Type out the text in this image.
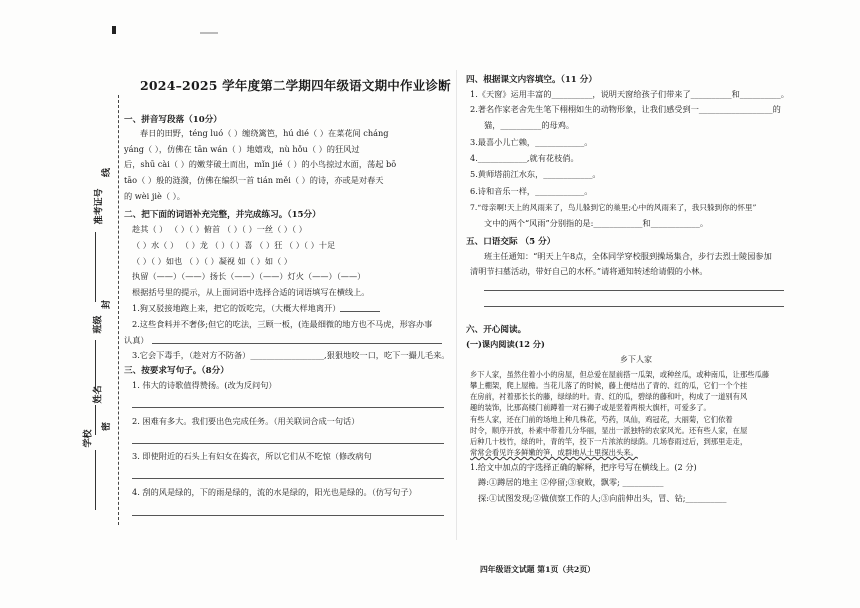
准考证号
线
班级
封
姓名
学校
密
2024–2025 学年度第二学期四年级语文期中作业诊断
一、拼音写段落（10分）
春日的田野，téng luó（ ）缠绕篱笆，hú dié（ ）在菜花间 cháng
yáng（ ），仿佛在 tān wán（ ）地嬉戏，nù hǒu（ ）的狂风过
后，shū cài（ ）的嫩芽破土而出，mǐn jié（ ）的小鸟掠过水面，荡起 bō
tāo（ ）般的涟漪，仿佛在编织一首 tián měi（ ）的诗，亦或是对春天
的 wèi jiè（ ）。
二、把下面的词语补充完整，并完成练习。（15分）
趁其（ ） （ ）（ ）俯首 （ ）（ ）一丝（ ）（ ）
（ ）水（ ） （ ）龙 （ ）（ ）喜 （ ）狂 （ ）（ ）十足
（ ）（ ）如也 （ ）（ ）凝视 如（ ）如（ ）
执留（——）（——）扬长（——）（——）灯火（——）（——）
根据括号里的提示，从上面词语中选择合适的词语填写在横线上。
1.狗又驳接地跑上来，把它的饭吃完，（大概大样地离开）
2.这些食料并不奢侈;但它的吃法，三顾一板，(连最细微的地方也不马虎，形容办事
认真）
3.它会下毒手，（趁对方不防备）__________________,狠狠地咬一口，吃下一撮儿毛来。
三、按要求写句子。（8分）
1. 伟大的诗歌值得赞扬。(改为反问句）
2. 困难有多大。我们要出色完成任务。（用关联词合成一句话）
3. 即使附近的石头上有妇女在捣衣，所以它们从不吃惊（修改病句
4. 刮的风是绿的，下的雨是绿的，流的水是绿的，阳光也是绿的。（仿写句子）
四、根据课文内容填空。（11 分）
1.《天窗》运用丰富的__________，说明天窗给孩子们带来了__________和__________。
2.著名作家老舍先生笔下栩栩如生的动物形象，让我们感受到一__________________的
猫，__________的母鸡。
3.最喜小儿亡赖，____________。
4.____________,就有花枝俏。
5.黄师塔前江水东，____________。
6.诗和音乐一样，____________。
7.“母亲啊!天上的风雨来了，鸟儿躲到它的巢里;心中的风雨来了，我只躲到你的怀里”
文中的两个“风雨”分别指的是:____________和____________。
五、口语交际 （5 分）
班主任通知：“明天上午8点，全体同学穿校服到操场集合，步行去烈士陵园参加
清明节扫墓活动，带好自己的水杯。”请将通知转述给请假的小林。
六、开心阅读。
(一)课内阅读(12 分)
乡下人家
乡下人家，虽然住着小小的房屋，但总爱在屋前搭一瓜架，或种丝瓜，或种南瓜，让那些瓜藤
攀上棚架，爬上屋檐。当花儿落了的时候，藤上便结出了青的、红的瓜，它们一个个挂
在房前，衬着那长长的藤，绿绿的叶。青、红的瓜，碧绿的藤和叶，构成了一道别有风
趣的装饰，比那高楼门前蹲着一对石狮子或是竖着两根大旗杆，可爱多了。
有些人家，还在门前的场地上种几株花，芍药，凤仙，鸡冠花，大丽菊，它们依着
时令，顺序开放，朴素中带着几分华丽，显出一派独特的农家风光。还有些人家，在屋
后种几十枝竹，绿的叶，青的竿，投下一片浓浓的绿荫。几场春雨过后，到那里走走，
常常会看见许多鲜嫩的笋，成群地从土里探出头来。
1.给文中加点的字选择正确的解释，把序号写在横线上。(2 分)
蹲:①蹲居的地主 ②停留;③衰败，飘零; __________
探:①试图发现;②做侦察工作的人;③向前伸出头，冒、钻;__________
四年级语文试题 第1页（共2页）
